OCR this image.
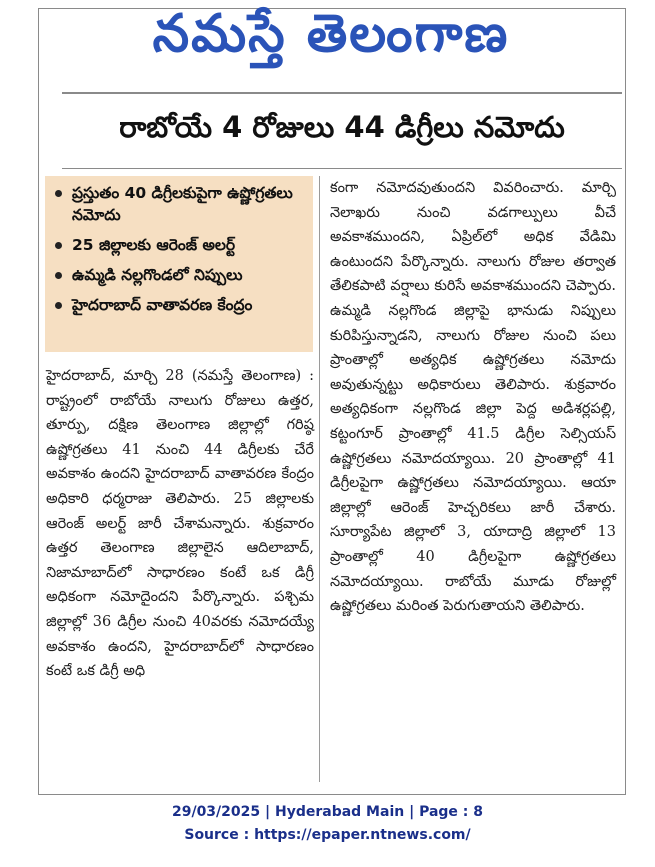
నమస్తే తెలంగాణ
రాబోయే 4 రోజులు 44 డిగ్రీలు నమోదు
ప్రస్తుతం 40 డిగ్రీలకుపైగా ఉష్ణోగ్రతలు నమోదు
25 జిల్లాలకు ఆరెంజ్ అలర్ట్
ఉమ్మడి నల్లగొండలో నిప్పులు
హైదరాబాద్ వాతావరణ కేంద్రం

హైదరాబాద్, మార్చి 28 (నమస్తే తెలంగాణ) : రాష్ట్రంలో రాబోయే నాలుగు రోజులు ఉత్తర, తూర్పు, దక్షిణ తెలంగాణ జిల్లాల్లో గరిష్ఠ ఉష్ణోగ్రతలు 41 నుంచి 44 డిగ్రీలకు చేరే అవకాశం ఉందని హైదరాబాద్ వాతావరణ కేంద్రం అధికారి ధర్మరాజు తెలిపారు. 25 జిల్లాలకు ఆరెంజ్ అలర్ట్ జారీ చేశామన్నారు. శుక్రవారం ఉత్తర తెలంగాణ జిల్లాలైన ఆదిలాబాద్, నిజామాబాద్‌లో సాధారణం కంటే ఒక డిగ్రీ అధికంగా నమోదైందని పేర్కొన్నారు. పశ్చిమ జిల్లాల్లో 36 డిగ్రీల నుంచి 40వరకు నమోదయ్యే అవకాశం ఉందని, హైదరాబాద్‌లో సాధారణం కంటే ఒక డిగ్రీ అధి

కంగా నమోదవుతుందని వివరించారు. మార్చి నెలాఖరు నుంచి వడగాల్పులు వీచే అవకాశముందని, ఏప్రిల్‌లో అధిక వేడిమి ఉంటుందని పేర్కొన్నారు. నాలుగు రోజుల తర్వాత తేలికపాటి వర్షాలు కురిసే అవకాశముందని చెప్పారు. ఉమ్మడి నల్లగొండ జిల్లాపై భానుడు నిప్పులు కురిపిస్తున్నాడని, నాలుగు రోజుల నుంచి పలు ప్రాంతాల్లో అత్యధిక ఉష్ణోగ్రతలు నమోదు అవుతున్నట్టు అధికారులు తెలిపారు. శుక్రవారం అత్యధికంగా నల్లగొండ జిల్లా పెద్ద అడిశర్లపల్లి, కట్టంగూర్ ప్రాంతాల్లో 41.5 డిగ్రీల సెల్సియస్ ఉష్ణోగ్రతలు నమోదయ్యాయి. 20 ప్రాంతాల్లో 41 డిగ్రీలపైగా ఉష్ణోగ్రతలు నమోదయ్యాయి. ఆయా జిల్లాల్లో ఆరెంజ్ హెచ్చరికలు జారీ చేశారు. సూర్యాపేట జిల్లాలో 3, యాదాద్రి జిల్లాలో 13 ప్రాంతాల్లో 40 డిగ్రీలపైగా ఉష్ణోగ్రతలు నమోదయ్యాయి. రాబోయే మూడు రోజుల్లో ఉష్ణోగ్రతలు మరింత పెరుగుతాయని తెలిపారు.

29/03/2025 | Hyderabad Main | Page : 8
Source : https://epaper.ntnews.com/
